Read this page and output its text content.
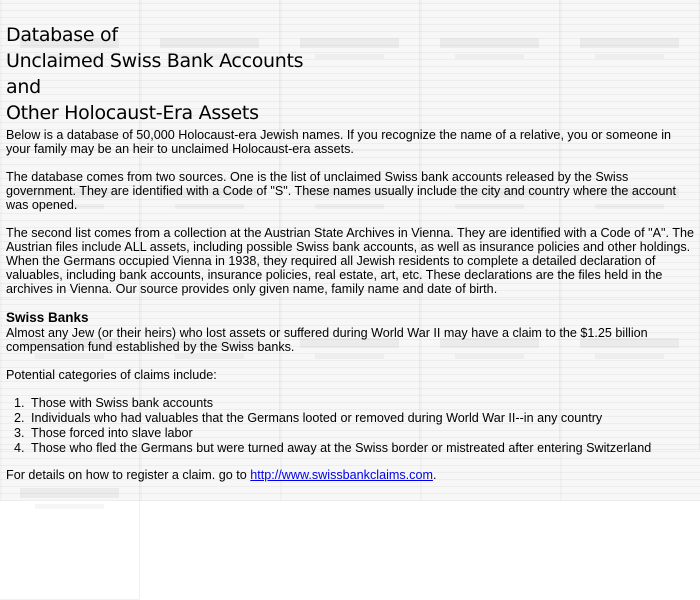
Database of
Unclaimed Swiss Bank Accounts
and
Other Holocaust-Era Assets

Below is a database of 50,000 Holocaust-era Jewish names. If you recognize the name of a relative, you or someone in your family may be an heir to unclaimed Holocaust-era assets.

The database comes from two sources. One is the list of unclaimed Swiss bank accounts released by the Swiss government. They are identified with a Code of "S". These names usually include the city and country where the account was opened.

The second list comes from a collection at the Austrian State Archives in Vienna. They are identified with a Code of "A". The Austrian files include ALL assets, including possible Swiss bank accounts, as well as insurance policies and other holdings. When the Germans occupied Vienna in 1938, they required all Jewish residents to complete a detailed declaration of valuables, including bank accounts, insurance policies, real estate, art, etc. These declarations are the files held in the archives in Vienna. Our source provides only given name, family name and date of birth.

Swiss Banks

Almost any Jew (or their heirs) who lost assets or suffered during World War II may have a claim to the $1.25 billion compensation fund established by the Swiss banks.

Potential categories of claims include:

1. Those with Swiss bank accounts
2. Individuals who had valuables that the Germans looted or removed during World War II--in any country
3. Those forced into slave labor
4. Those who fled the Germans but were turned away at the Swiss border or mistreated after entering Switzerland

For details on how to register a claim. go to http://www.swissbankclaims.com.
